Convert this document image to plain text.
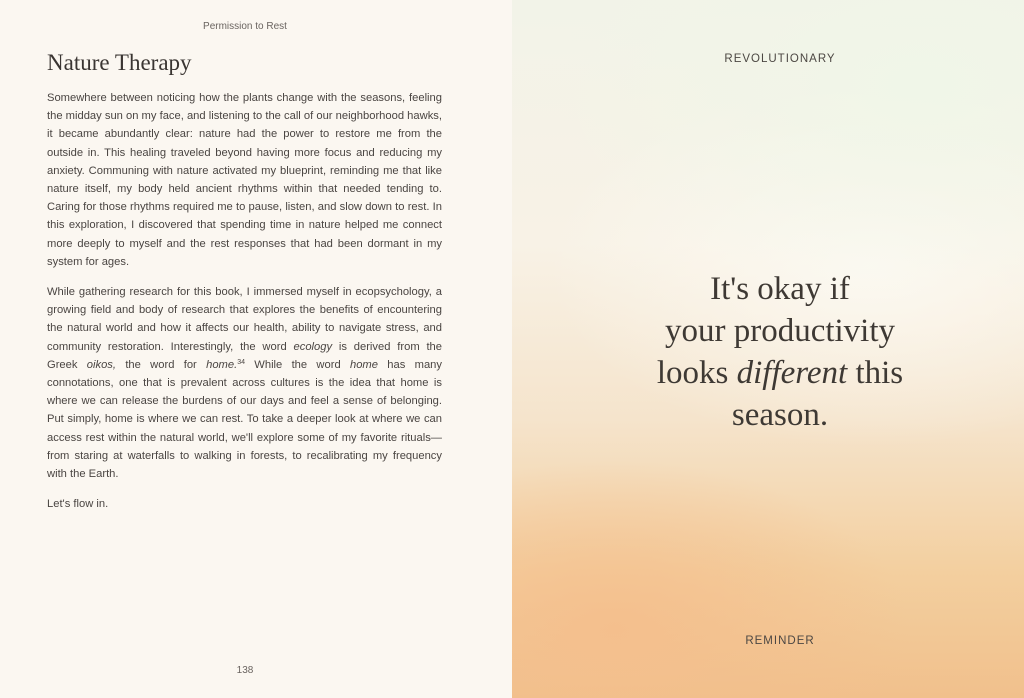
Permission to Rest
Nature Therapy

Somewhere between noticing how the plants change with the seasons, feeling the midday sun on my face, and listening to the call of our neighborhood hawks, it became abundantly clear: nature had the power to restore me from the outside in. This healing traveled beyond having more focus and reducing my anxiety. Communing with nature activated my blueprint, reminding me that like nature itself, my body held ancient rhythms within that needed tending to. Caring for those rhythms required me to pause, listen, and slow down to rest. In this exploration, I discovered that spending time in nature helped me connect more deeply to myself and the rest responses that had been dormant in my system for ages.

While gathering research for this book, I immersed myself in ecopsychology, a growing field and body of research that explores the benefits of encountering the natural world and how it affects our health, ability to navigate stress, and community restoration. Interestingly, the word ecology is derived from the Greek oikos, the word for home.$^{34}$ While the word home has many connotations, one that is prevalent across cultures is the idea that home is where we can release the burdens of our days and feel a sense of belonging. Put simply, home is where we can rest. To take a deeper look at where we can access rest within the natural world, we'll explore some of my favorite rituals—from staring at waterfalls to walking in forests, to recalibrating my frequency with the Earth.

Let's flow in.

138
REVOLUTIONARY
It's okay if
your productivity
looks different this
season.
REMINDER
